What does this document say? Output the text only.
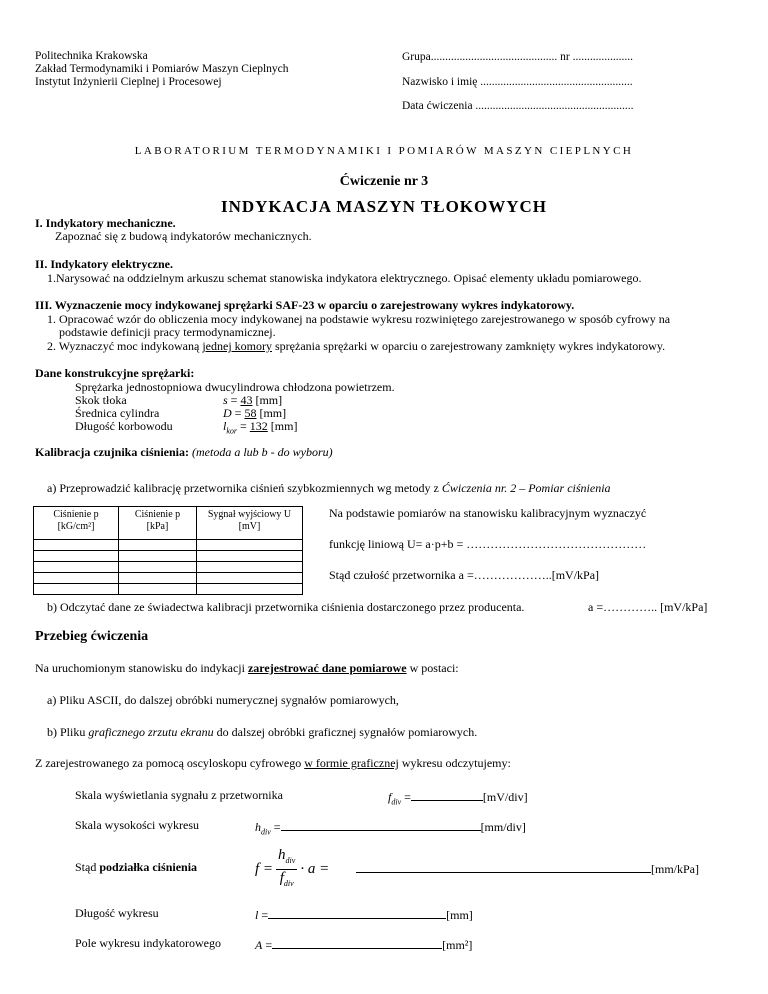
Politechnika Krakowska
Zakład Termodynamiki i Pomiarów Maszyn Cieplnych
Instytut Inżynierii Cieplnej i Procesowej
Grupa............................................ nr .....................
Nazwisko i imię .....................................................
Data ćwiczenia .......................................................
LABORATORIUM TERMODYNAMIKI I POMIARÓW MASZYN CIEPLNYCH
Ćwiczenie nr 3
INDYKACJA MASZYN TŁOKOWYCH
I. Indykatory mechaniczne.
Zapoznać się z budową indykatorów mechanicznych.
II. Indykatory elektryczne.
1.Narysować na oddzielnym arkuszu schemat stanowiska indykatora elektrycznego. Opisać elementy układu pomiarowego.
III. Wyznaczenie mocy indykowanej sprężarki SAF-23 w oparciu o zarejestrowany wykres indykatorowy.
1. Opracować wzór do obliczenia mocy indykowanej na podstawie wykresu rozwiniętego zarejestrowanego w sposób cyfrowy na
podstawie definicji pracy termodynamicznej.
2. Wyznaczyć moc indykowaną jednej komory sprężania sprężarki w oparciu o zarejestrowany zamknięty wykres indykatorowy.
Dane konstrukcyjne sprężarki:
Sprężarka jednostopniowa dwucylindrowa chłodzona powietrzem.
Skok tłoka	s = 43 [mm]
Średnica cylindra	D = 58 [mm]
Długość korbowodu	$l_{kor} = 132$ [mm]
Kalibracja czujnika ciśnienia: (metoda a lub b - do wyboru)
a) Przeprowadzić kalibrację przetwornika ciśnień szybkozmiennych wg metody z Ćwiczenia nr. 2 – Pomiar ciśnienia
Ciśnienie p
[kG/cm²]	Ciśnienie p
[kPa]	Sygnał wyjściowy U
[mV]

Na podstawie pomiarów na stanowisku kalibracyjnym wyznaczyć
funkcję liniową U= a·p+b = ………………………………………
Stąd czułość przetwornika a =………………..[mV/kPa]
b) Odczytać dane ze świadectwa kalibracji przetwornika ciśnienia dostarczonego przez producenta.	a =………….. [mV/kPa]
Przebieg ćwiczenia
Na uruchomionym stanowisku do indykacji zarejestrować dane pomiarowe w postaci:
a) Pliku ASCII, do dalszej obróbki numerycznej sygnałów pomiarowych,
b) Pliku graficznego zrzutu ekranu do dalszej obróbki graficznej sygnałów pomiarowych.
Z zarejestrowanego za pomocą oscyloskopu cyfrowego w formie graficznej wykresu odczytujemy:
Skala wyświetlania sygnału z przetwornika	$f_{div}$ =	[mV/div]
Skala wysokości wykresu	$h_{div}$ =	[mm/div]
Stąd podziałka ciśnienia	$f = \frac{h_{div}}{f_{div}} \cdot a$ =	[mm/kPa]
Długość wykresu	l =	[mm]
Pole wykresu indykatorowego	A =	[mm²]
